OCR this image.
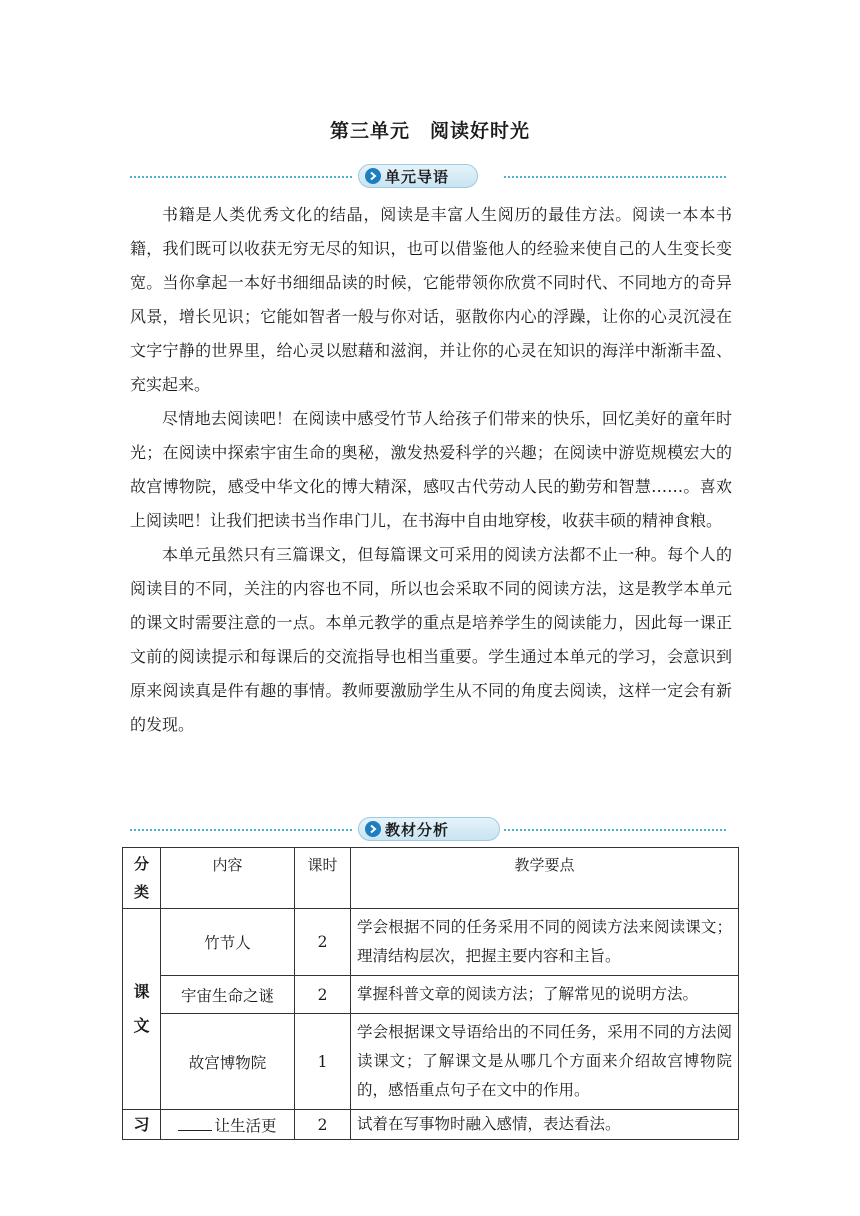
第三单元　阅读好时光
单元导语

书籍是人类优秀文化的结晶，阅读是丰富人生阅历的最佳方法。阅读一本本书籍，我们既可以收获无穷无尽的知识，也可以借鉴他人的经验来使自己的人生变长变宽。当你拿起一本好书细细品读的时候，它能带领你欣赏不同时代、不同地方的奇异风景，增长见识；它能如智者一般与你对话，驱散你内心的浮躁，让你的心灵沉浸在文字宁静的世界里，给心灵以慰藉和滋润，并让你的心灵在知识的海洋中渐渐丰盈、充实起来。

尽情地去阅读吧！在阅读中感受竹节人给孩子们带来的快乐，回忆美好的童年时光；在阅读中探索宇宙生命的奥秘，激发热爱科学的兴趣；在阅读中游览规模宏大的故宫博物院，感受中华文化的博大精深，感叹古代劳动人民的勤劳和智慧……。喜欢上阅读吧！让我们把读书当作串门儿，在书海中自由地穿梭，收获丰硕的精神食粮。

本单元虽然只有三篇课文，但每篇课文可采用的阅读方法都不止一种。每个人的阅读目的不同，关注的内容也不同，所以也会采取不同的阅读方法，这是教学本单元的课文时需要注意的一点。本单元教学的重点是培养学生的阅读能力，因此每一课正文前的阅读提示和每课后的交流指导也相当重要。学生通过本单元的学习，会意识到原来阅读真是件有趣的事情。教师要激励学生从不同的角度去阅读，这样一定会有新的发现。

教材分析
分类	内容	课时	教学要点
课文	竹节人	2	学会根据不同的任务采用不同的阅读方法来阅读课文；理清结构层次，把握主要内容和主旨。
	宇宙生命之谜	2	掌握科普文章的阅读方法；了解常见的说明方法。
	故宫博物院	1	学会根据课文导语给出的不同任务，采用不同的方法阅读课文；了解课文是从哪几个方面来介绍故宫博物院的，感悟重点句子在文中的作用。
习	让生活更	2	试着在写事物时融入感情，表达看法。
